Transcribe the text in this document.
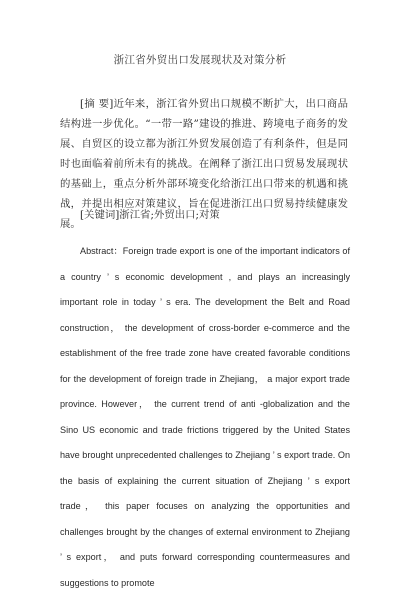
浙江省外贸出口发展现状及对策分析
[摘 要]近年来，浙江省外贸出口规模不断扩大，出口商品结构进一步优化。“一带一路”建设的推进、跨境电子商务的发展、自贸区的设立都为浙江外贸发展创造了有利条件，但是同时也面临着前所未有的挑战。在阐释了浙江出口贸易发展现状的基础上，重点分析外部环境变化给浙江出口带来的机遇和挑战，并提出相应对策建议，旨在促进浙江出口贸易持续健康发展。
[关键词]浙江省;外贸出口;对策
Abstract：Foreign trade export is one of the important indicators of a country ’ s economic development , and plays an increasingly important role in today ’ s era. The development the Belt and Road construction， the development of cross-border e-commerce and the establishment of the free trade zone have created favorable conditions for the development of foreign trade in Zhejiang， a major export trade province. However， the current trend of anti -globalization and the Sino US economic and trade frictions triggered by the United States have brought unprecedented challenges to Zhejiang ’ s export trade. On the basis of explaining the current situation of Zhejiang ’ s export trade， this paper focuses on analyzing the opportunities and challenges brought by the changes of external environment to Zhejiang ’ s export， and puts forward corresponding countermeasures and suggestions to promote
